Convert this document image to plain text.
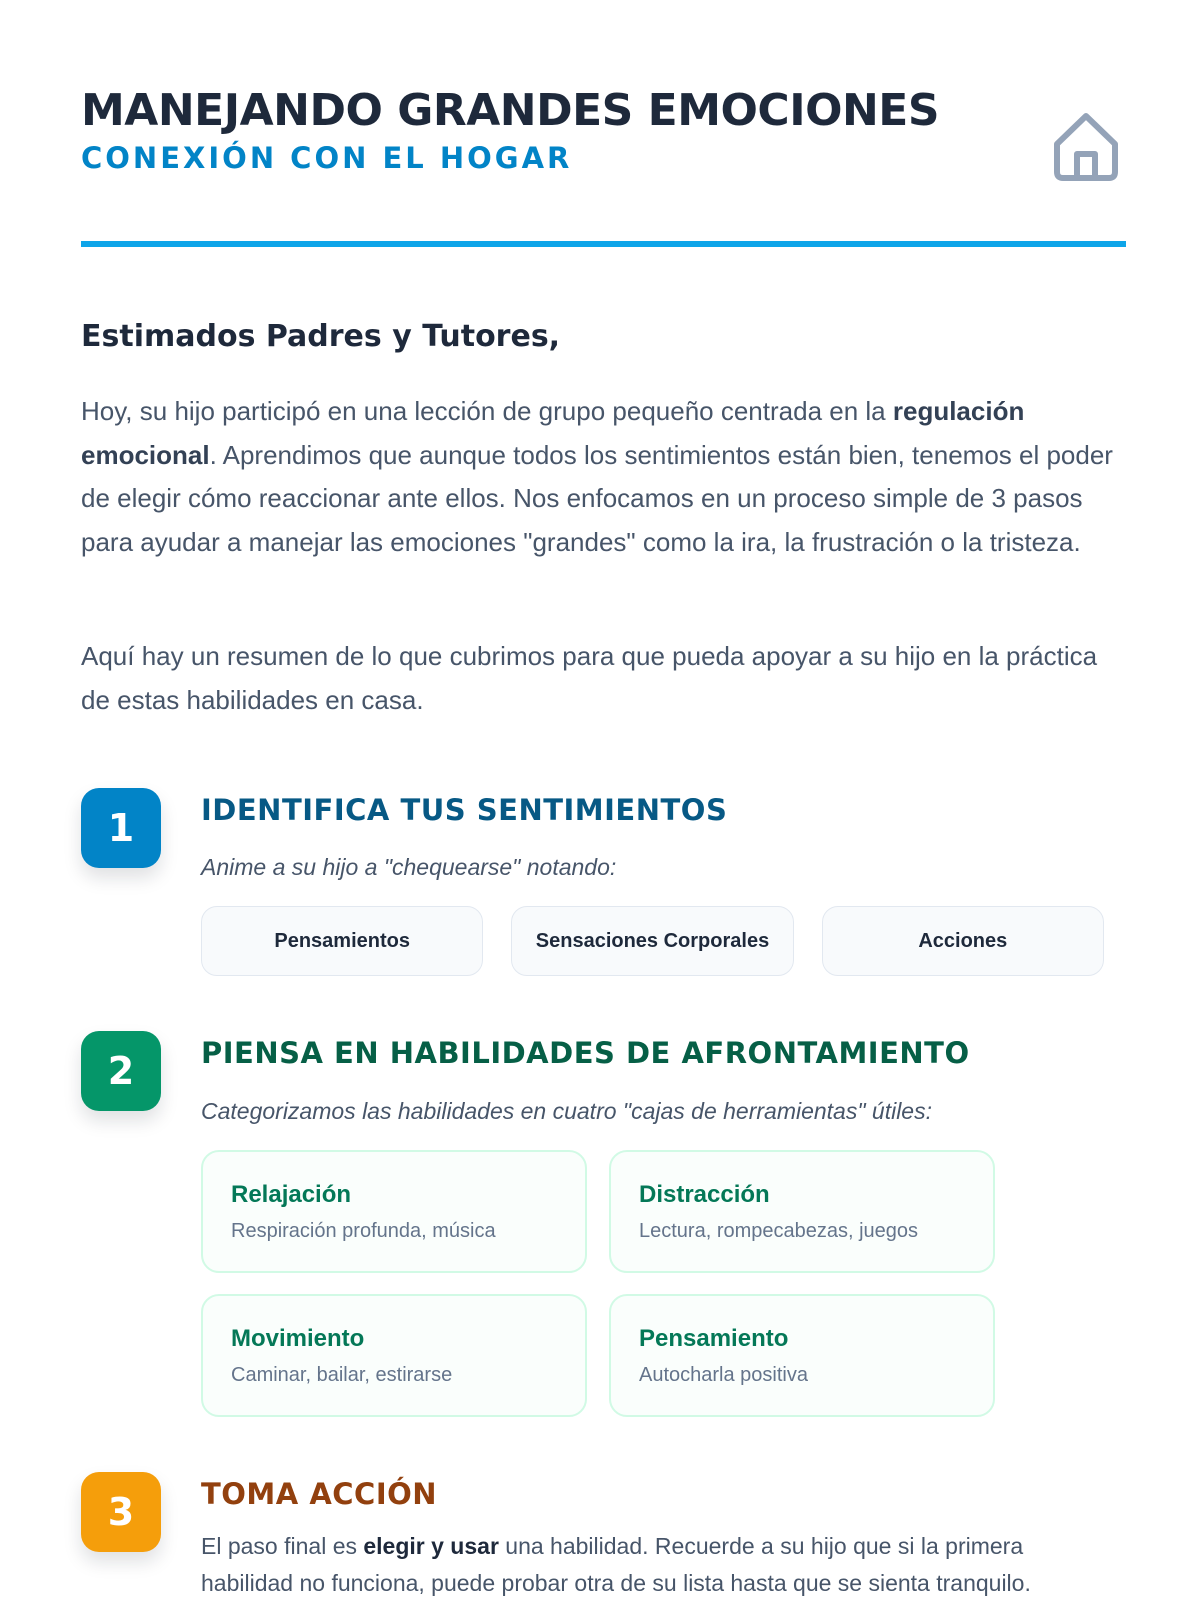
MANEJANDO GRANDES EMOCIONES
CONEXIÓN CON EL HOGAR
Estimados Padres y Tutores,

Hoy, su hijo participó en una lección de grupo pequeño centrada en la regulación emocional. Aprendimos que aunque todos los sentimientos están bien, tenemos el poder de elegir cómo reaccionar ante ellos. Nos enfocamos en un proceso simple de 3 pasos para ayudar a manejar las emociones "grandes" como la ira, la frustración o la tristeza.

Aquí hay un resumen de lo que cubrimos para que pueda apoyar a su hijo en la práctica de estas habilidades en casa.

1	IDENTIFICA TUS SENTIMIENTOS

Anime a su hijo a "chequearse" notando:

Pensamientos	Sensaciones Corporales	Acciones
2	PIENSA EN HABILIDADES DE AFRONTAMIENTO

Categorizamos las habilidades en cuatro "cajas de herramientas" útiles:

Relajación
Respiración profunda, música
Distracción
Lectura, rompecabezas, juegos
Movimiento
Caminar, bailar, estirarse
Pensamiento
Autocharla positiva
3	TOMA ACCIÓN

El paso final es elegir y usar una habilidad. Recuerde a su hijo que si la primera habilidad no funciona, puede probar otra de su lista hasta que se sienta tranquilo.
